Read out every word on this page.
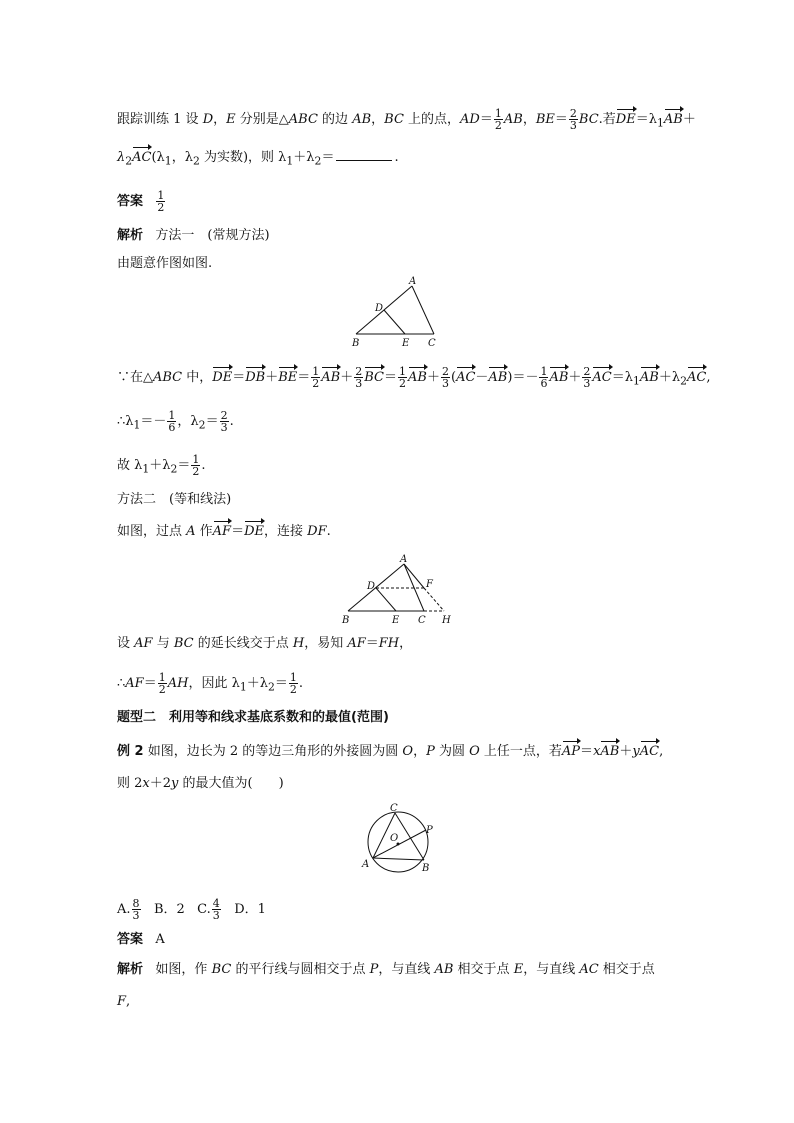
跟踪训练 1 设 D，E 分别是△ABC 的边 AB，BC 上的点，$AD= \frac{1}{2}$ AB，$BE= \frac{2}{3}$ BC.若$DE=\lambda_1AB+$
$\lambda_2AC(\lambda_1$，$\lambda_2$ 为实数)，则 $\lambda_1+\lambda_2=$	.
答案 $\frac{1}{2}$
解析 方法一　(常规方法)
由题意作图如图.
A
B	C
D
E
∵在△ABC 中，$DE=DB+BE= \frac{1}{2} AB+ \frac{2}{3} BC= \frac{1}{2} AB+ \frac{2}{3} (AC-AB)=- \frac{1}{6} AB+ \frac{2}{3} AC=\lambda_1AB+\lambda_2AC$,
$\therefore\lambda_1=- \frac{1}{6}$ ，$\lambda_2= \frac{2}{3}$ .
故 $\lambda_1+\lambda_2= \frac{1}{2}$ .
方法二　(等和线法)
如图，过点 A 作AF＝DE，连接 DF.
A
B	C
D
E
F
H
设 AF 与 BC 的延长线交于点 H，易知 AF＝FH，
∴AF＝ $\frac{1}{2}$ AH，因此 $\lambda_1+\lambda_2= \frac{1}{2}$ .
题型二　利用等和线求基底系数和的最值(范围)
例 2 如图，边长为 2 的等边三角形的外接圆为圆 O，P 为圆 O 上任一点，若AP＝xAB＋yAC,
则 2x＋2y 的最大值为(　　)
C
A	B
O
P
A. $\frac{8}{3}$ B．2 C. $\frac{4}{3}$ D．1
答案 A
解析 如图，作 BC 的平行线与圆相交于点 P，与直线 AB 相交于点 E，与直线 AC 相交于点
F,
